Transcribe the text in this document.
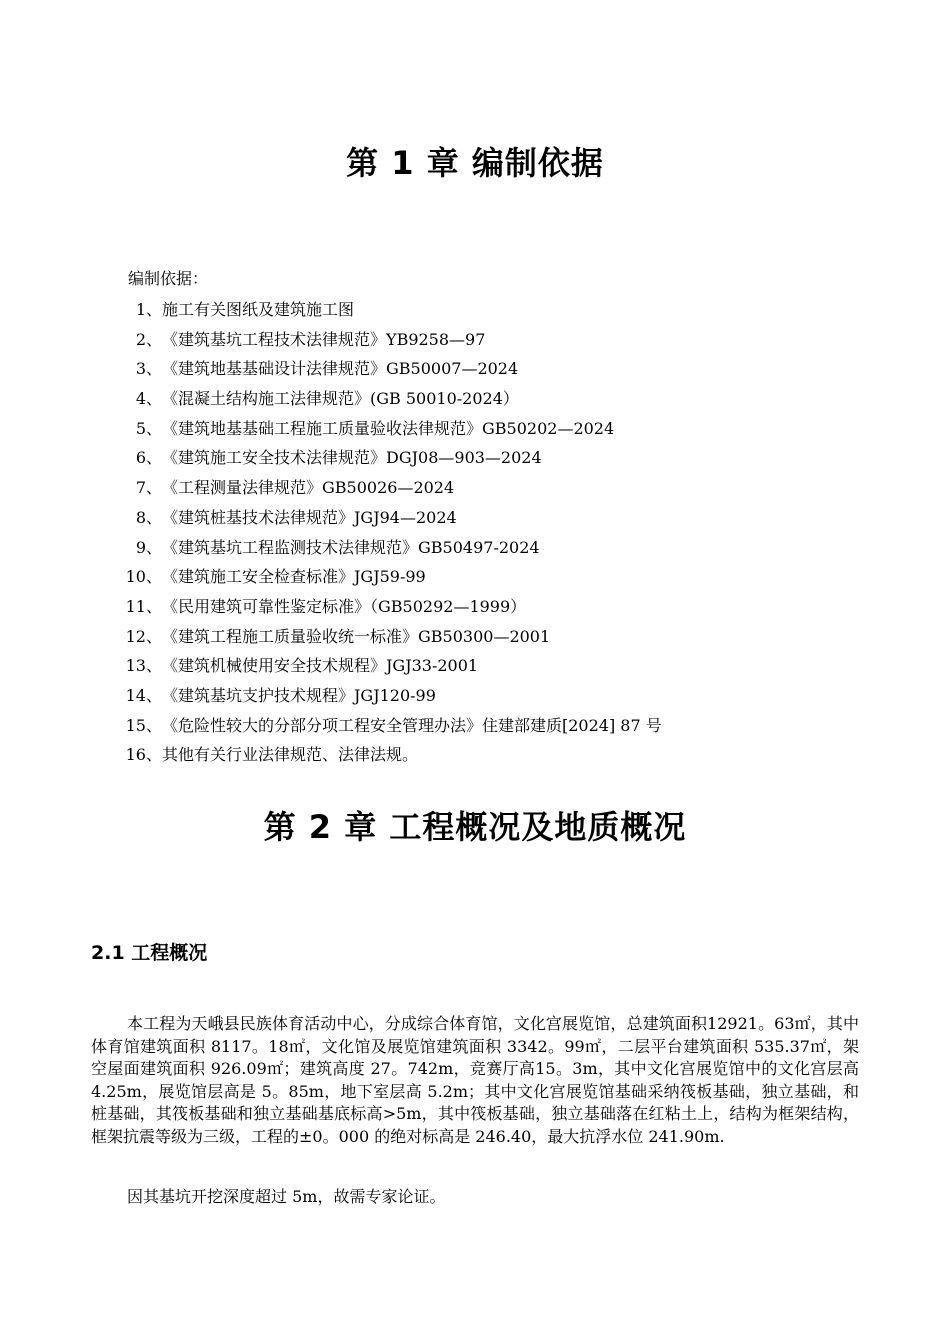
第 1 章 编制依据
编制依据：
1、施工有关图纸及建筑施工图
2、《建筑基坑工程技术法律规范》YB9258—97
3、《建筑地基基础设计法律规范》GB50007—2024
4、《混凝土结构施工法律规范》(GB 50010-2024）
5、《建筑地基基础工程施工质量验收法律规范》GB50202—2024
6、《建筑施工安全技术法律规范》DGJ08—903—2024
7、《工程测量法律规范》GB50026—2024
8、《建筑桩基技术法律规范》JGJ94—2024
9、《建筑基坑工程监测技术法律规范》GB50497-2024
10、《建筑施工安全检查标准》JGJ59-99
11、《民用建筑可靠性鉴定标准》（GB50292—1999）
12、《建筑工程施工质量验收统一标准》GB50300—2001
13、《建筑机械使用安全技术规程》JGJ33-2001
14、《建筑基坑支护技术规程》JGJ120-99
15、《危险性较大的分部分项工程安全管理办法》住建部建质[2024] 87 号
16、其他有关行业法律规范、法律法规。
第 2 章 工程概况及地质概况
2.1 工程概况

本工程为天峨县民族体育活动中心，分成综合体育馆，文化宫展览馆，总建筑面积12921。63㎡，其中体育馆建筑面积 8117。18㎡，文化馆及展览馆建筑面积 3342。99㎡，二层平台建筑面积 535.37㎡，架空屋面建筑面积 926.09㎡；建筑高度 27。742m，竞赛厅高15。3m，其中文化宫展览馆中的文化宫层高 4.25m，展览馆层高是 5。85m，地下室层高 5.2m；其中文化宫展览馆基础采纳筏板基础，独立基础，和桩基础，其筏板基础和独立基础基底标高>5m，其中筏板基础，独立基础落在红粘土上，结构为框架结构，框架抗震等级为三级，工程的±0。000 的绝对标高是 246.40，最大抗浮水位 241.90m.

因其基坑开挖深度超过 5m，故需专家论证。
